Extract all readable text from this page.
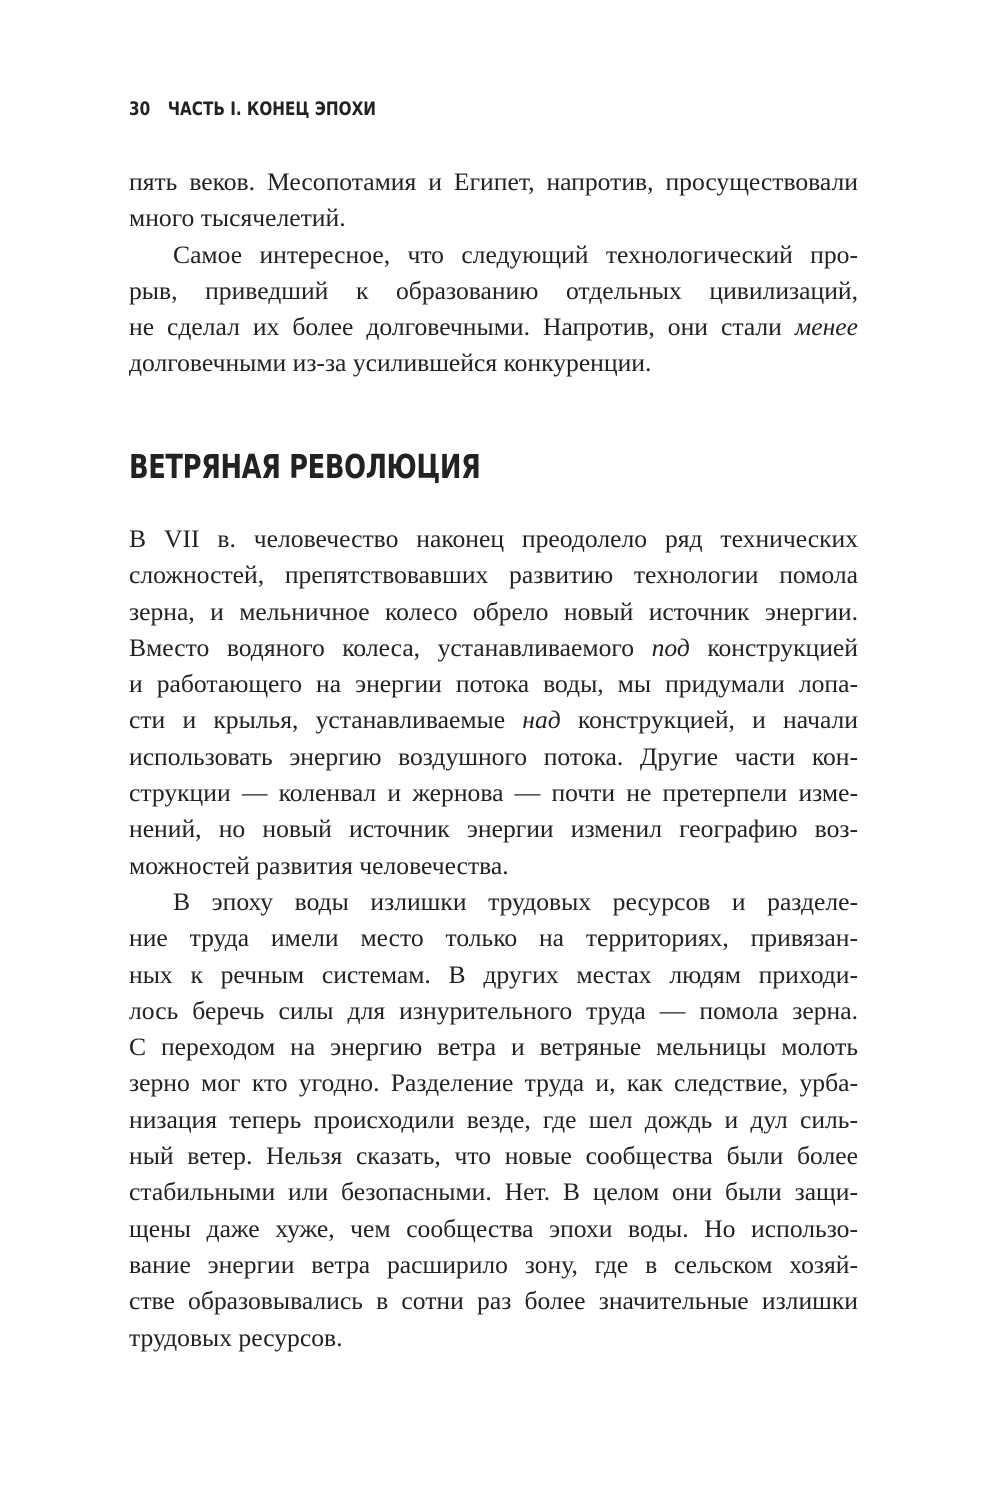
30 ЧАСТЬ I. КОНЕЦ ЭПОХИ

пять веков. Месопотамия и Египет, напротив, просуществовали
много тысячелетий.

Самое интересное, что следующий технологический про-
рыв, приведший к образованию отдельных цивилизаций,
не сделал их более долговечными. Напротив, они стали менее
долговечными из-за усилившейся конкуренции.

ВЕТРЯНАЯ РЕВОЛЮЦИЯ

В VII в. человечество наконец преодолело ряд технических
сложностей, препятствовавших развитию технологии помола
зерна, и мельничное колесо обрело новый источник энергии.
Вместо водяного колеса, устанавливаемого под конструкцией
и работающего на энергии потока воды, мы придумали лопа-
сти и крылья, устанавливаемые над конструкцией, и начали
использовать энергию воздушного потока. Другие части кон-
струкции — коленвал и жернова — почти не претерпели изме-
нений, но новый источник энергии изменил географию воз-
можностей развития человечества.

В эпоху воды излишки трудовых ресурсов и разделе-
ние труда имели место только на территориях, привязан-
ных к речным системам. В других местах людям приходи-
лось беречь силы для изнурительного труда — помола зерна.
С переходом на энергию ветра и ветряные мельницы молоть
зерно мог кто угодно. Разделение труда и, как следствие, урба-
низация теперь происходили везде, где шел дождь и дул силь-
ный ветер. Нельзя сказать, что новые сообщества были более
стабильными или безопасными. Нет. В целом они были защи-
щены даже хуже, чем сообщества эпохи воды. Но использо-
вание энергии ветра расширило зону, где в сельском хозяй-
стве образовывались в сотни раз более значительные излишки
трудовых ресурсов.
